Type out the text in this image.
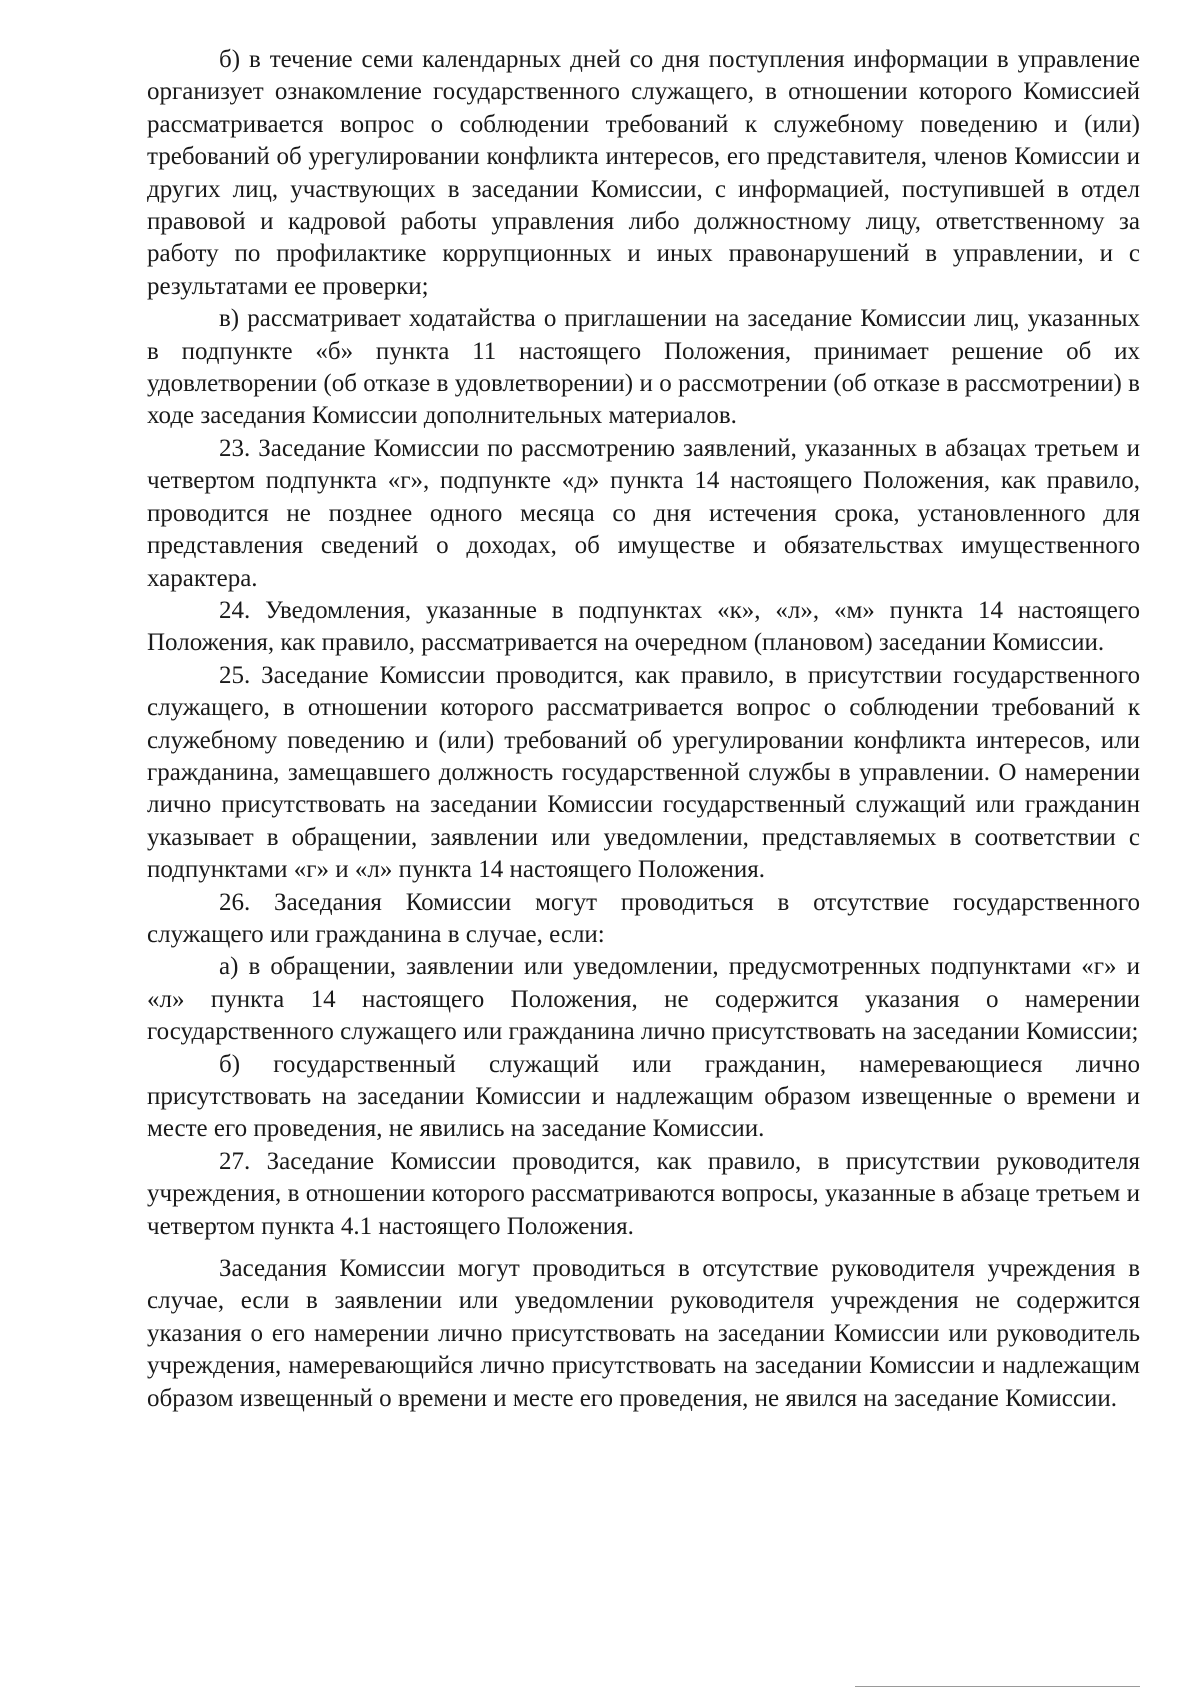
б) в течение семи календарных дней со дня поступления информации в управление организует ознакомление государственного служащего, в отношении которого Комиссией рассматривается вопрос о соблюдении требований к служебному поведению и (или) требований об урегулировании конфликта интересов, его представителя, членов Комиссии и других лиц, участвующих в заседании Комиссии, с информацией, поступившей в отдел правовой и кадровой работы управления либо должностному лицу, ответственному за работу по профилактике коррупционных и иных правонарушений в управлении, и с результатами ее проверки;

в) рассматривает ходатайства о приглашении на заседание Комиссии лиц, указанных в подпункте «б» пункта 11 настоящего Положения, принимает решение об их удовлетворении (об отказе в удовлетворении) и о рассмотрении (об отказе в рассмотрении) в ходе заседания Комиссии дополнительных материалов.

23. Заседание Комиссии по рассмотрению заявлений, указанных в абзацах третьем и четвертом подпункта «г», подпункте «д» пункта 14 настоящего Положения, как правило, проводится не позднее одного месяца со дня истечения срока, установленного для представления сведений о доходах, об имуществе и обязательствах имущественного характера.

24. Уведомления, указанные в подпунктах «к», «л», «м» пункта 14 настоящего Положения, как правило, рассматривается на очередном (плановом) заседании Комиссии.

25. Заседание Комиссии проводится, как правило, в присутствии государственного служащего, в отношении которого рассматривается вопрос о соблюдении требований к служебному поведению и (или) требований об урегулировании конфликта интересов, или гражданина, замещавшего должность государственной службы в управлении. О намерении лично присутствовать на заседании Комиссии государственный служащий или гражданин указывает в обращении, заявлении или уведомлении, представляемых в соответствии с подпунктами «г» и «л» пункта 14 настоящего Положения.

26. Заседания Комиссии могут проводиться в отсутствие государственного служащего или гражданина в случае, если:

а) в обращении, заявлении или уведомлении, предусмотренных подпунктами «г» и «л» пункта 14 настоящего Положения, не содержится указания о намерении государственного служащего или гражданина лично присутствовать на заседании Комиссии;

б) государственный служащий или гражданин, намеревающиеся лично присутствовать на заседании Комиссии и надлежащим образом извещенные о времени и месте его проведения, не явились на заседание Комиссии.

27. Заседание Комиссии проводится, как правило, в присутствии руководителя учреждения, в отношении которого рассматриваются вопросы, указанные в абзаце третьем и четвертом пункта 4.1 настоящего Положения.

Заседания Комиссии могут проводиться в отсутствие руководителя учреждения в случае, если в заявлении или уведомлении руководителя учреждения не содержится указания о его намерении лично присутствовать на заседании Комиссии или руководитель учреждения, намеревающийся лично присутствовать на заседании Комиссии и надлежащим образом извещенный о времени и месте его проведения, не явился на заседание Комиссии.
